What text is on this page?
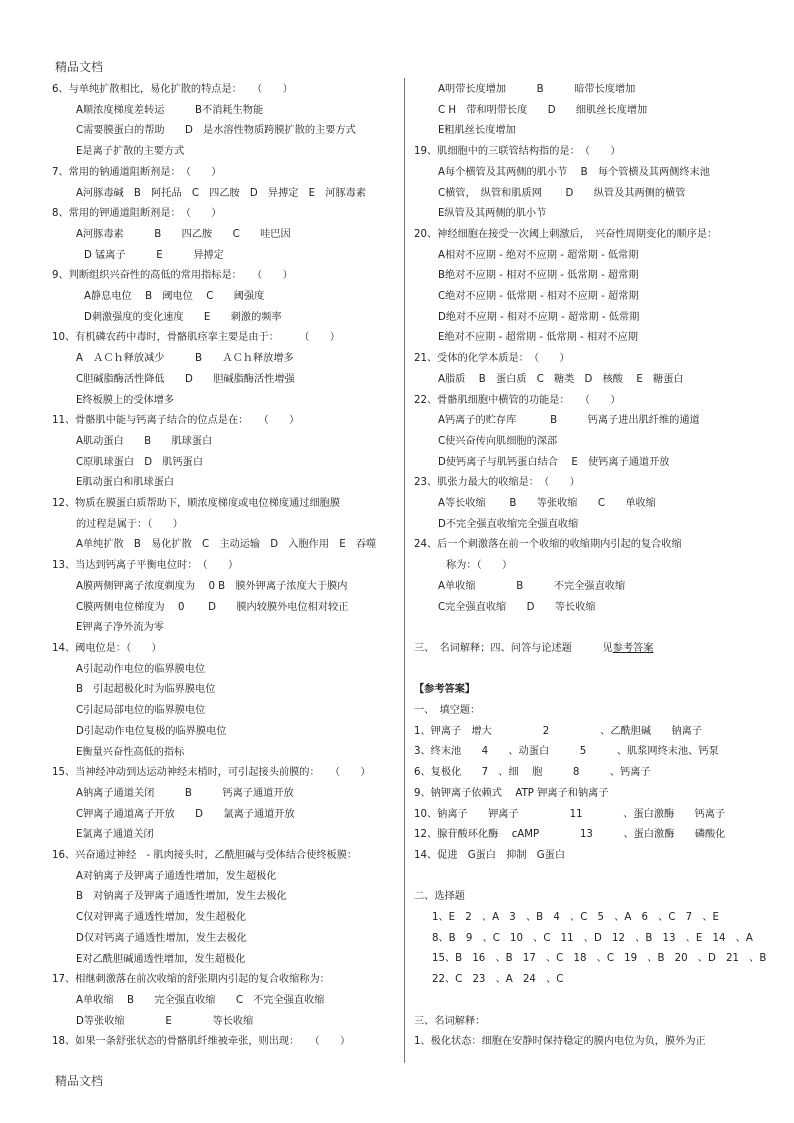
精品文档
6、与单纯扩散相比，易化扩散的特点是：　　（　　）
A顺浓度梯度差转运　　　B不消耗生物能
C需要膜蛋白的帮助　　D　是水溶性物质跨膜扩散的主要方式
E是离子扩散的主要方式
7、常用的钠通道阻断剂是：　（　　）
A河豚毒碱　B　阿托品　C　四乙胺　D　异搏定　E　河豚毒素
8、常用的钾通道阻断剂是：　（　　）
A河豚毒素　　　B　　四乙胺　　C　　哇巴因
D 锰离子　　　E　　　异搏定
9、判断组织兴奋性的高低的常用指标是：　　（　　）
A静息电位　 B　阈电位　 C　　阈强度
D刺激强度的变化速度　　E　　刺激的频率
10、有机磷农药中毒时，骨骼肌痉挛主要是由于：　　　（　　）
A　ＡＣｈ释放减少　　　B　　ＡＣｈ释放增多
C胆碱脂酶活性降低　　D　　胆碱脂酶活性增强
E终板膜上的受体增多
11、骨骼肌中能与钙离子结合的位点是在：　　（　　）
A肌动蛋白　　B　　肌球蛋白
C原肌球蛋白　D　肌钙蛋白
E肌动蛋白和肌球蛋白
12、物质在膜蛋白质帮助下，顺浓度梯度或电位梯度通过细胞膜
的过程是属于：（　　）
A单纯扩散　B　易化扩散　C　主动运输　D　入胞作用　E　吞噬
13、当达到钙离子平衡电位时：　（　　）
A膜两侧钾离子浓度剃度为　 0 B　膜外钾离子浓度大于膜内
C膜两侧电位梯度为　 0　　 D　　膜内较膜外电位相对较正
E钾离子净外流为零
14、阈电位是：（　　）
A引起动作电位的临界膜电位
B　引起超极化时为临界膜电位
C引起局部电位的临界膜电位
D引起动作电位复极的临界膜电位
E衡量兴奋性高低的指标
15、当神经冲动到达运动神经末梢时，可引起接头前膜的：　　（　　）
A钠离子通道关闭　　　B　　　钙离子通道开放
C钾离子通道离子开放　　D　　氯离子通道开放
E氯离子通道关闭
16、兴奋通过神经　- 肌肉接头时，乙酰胆碱与受体结合使终板膜：
A对钠离子及钾离子通透性增加，发生超极化
B　对钠离子及钾离子通透性增加，发生去极化
C仅对钾离子通透性增加，发生超极化
D仅对钙离子通透性增加，发生去极化
E对乙酰胆碱通透性增加，发生超极化
17、相继刺激落在前次收缩的舒张期内引起的复合收缩称为：
A单收缩　 B　　完全强直收缩　　C　不完全强直收缩
D等张收缩　　　　E　　　　等长收缩
18、如果一条舒张状态的骨骼肌纤维被牵张，则出现：　　（　　）
A明带长度增加　　　B　　　暗带长度增加
C H　带和明带长度　　D　　细肌丝长度增加
E粗肌丝长度增加
19、肌细胞中的三联管结构指的是：　（　　）
A每个横管及其两侧的肌小节　 B　每个管横及其两侧终末池
C横管，　纵管和肌质网　　 D　　纵管及其两侧的横管
E纵管及其两侧的肌小节
20、神经细胞在接受一次阈上刺激后，　兴奋性周期变化的顺序是：
A相对不应期 - 绝对不应期 - 超常期 - 低常期
B绝对不应期 - 相对不应期 - 低常期 - 超常期
C绝对不应期 - 低常期 - 相对不应期 - 超常期
D绝对不应期 - 相对不应期 - 超常期 - 低常期
E绝对不应期 - 超常期 - 低常期 - 相对不应期
21、受体的化学本质是：　（　　）
A脂质　 B　蛋白质　C　糖类　D　核酸　 E　糖蛋白
22、骨骼肌细胞中横管的功能是：　　（　　）
A钙离子的贮存库　　　 B　　　钙离子进出肌纤维的通道
C使兴奋传向肌细胞的深部
D使钙离子与肌钙蛋白结合　 E　使钙离子通道开放
23、肌张力最大的收缩是：　（　　）
A等长收缩　　 B　　等张收缩　　C　　单收缩
D不完全强直收缩完全强直收缩
24、后一个刺激落在前一个收缩的收缩期内引起的复合收缩
称为：（　　）
A单收缩　　　　B　　　不完全强直收缩
C完全强直收缩　　D　　等长收缩
三、　名词解释；四、问答与论述题　　　见参考答案
【参考答案】
一、　填空题：
1、钾离子　增大　　　　　2　　　　　、乙酰胆碱　　钠离子
3、终末池　　4　　、动蛋白　　　5　　　、肌浆网终末池、钙泵
6、复极化　　7　、细　 胞　　　8　　　、钙离子
9、钠钾离子依赖式　 ATP 钾离子和钠离子
10、钠离子　　钾离子　　　　　11　　　　、蛋白激酶　　钙离子
12、腺苷酸环化酶　 cAMP　　　　13　　　、蛋白激酶　　磷酸化
14、促进　G蛋白　抑制　G蛋白
二、选择题
1、E　2　、A　3　、B　4　、C　5　、A　6　、C　7　、E
8、B　9　、C　10　、C　11　、D　12　、B　13　、E　14　、A
15、B　16　、B　17　、C　18　、C　19　、B　20　、D　21　、B
22、C　23　、A　24　、C
三、名词解释：
1、极化状态：细胞在安静时保持稳定的膜内电位为负，膜外为正
精品文档
